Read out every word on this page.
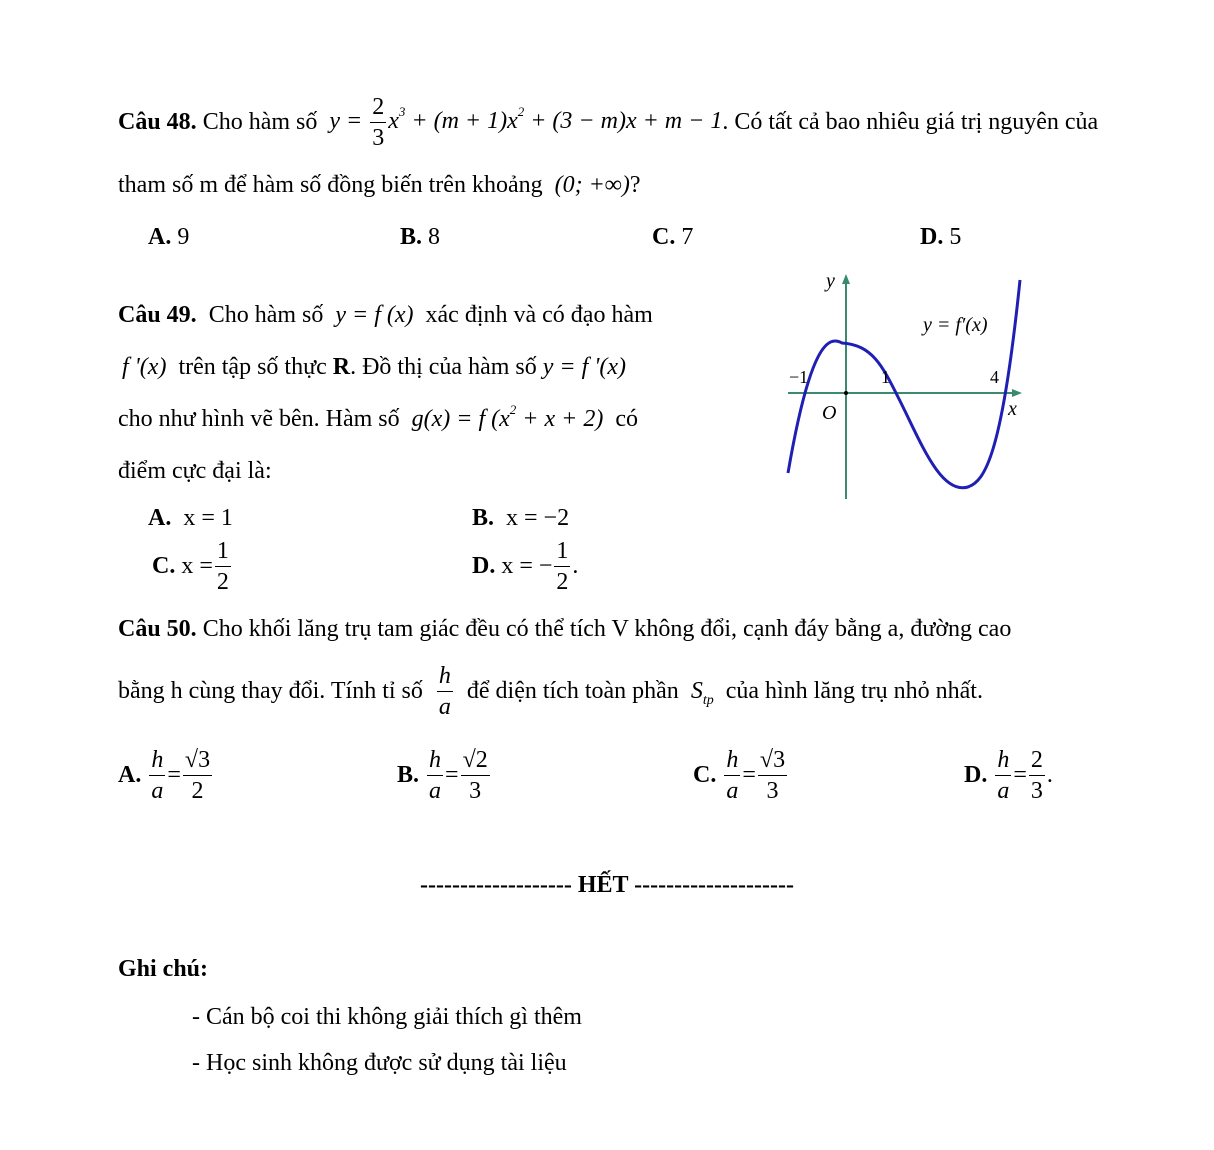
Câu 48.
Cho hàm số
$y = \frac{2}{3} x^3 + (m + 1)x^2 + (3 - m)x + m - 1$ . Có tất cả bao nhiêu giá trị nguyên của
tham số m để hàm số đồng biến trên khoảng (0; +∞)?
A. 9	B. 8	C. 7	D. 5
Câu 49. Cho hàm số y = f (x) xác định và có đạo hàm
f '(x) trên tập số thực R. Đồ thị của hàm số y = f '(x)
cho như hình vẽ bên. Hàm số g(x) = f $(x^2 + x + 2)$ có
điểm cực đại là:
A. x = 1	B. x = −2
C.
$x = \frac{1}{2}$	D.
x = − $\frac{1}{2}$ .
y
x
O
y = f′(x)
−1	1	4
Câu 50. Cho khối lăng trụ tam giác đều có thể tích V không đổi, cạnh đáy bằng a, đường cao
bằng h cùng thay đổi. Tính tỉ số
$\frac{h}{a}$
để diện tích toàn phần
$S_{tp}$
của hình lăng trụ nhỏ nhất.
A.
$\frac{h}{a} = \frac{√3}{2}$	B.
$\frac{h}{a} = \frac{√2}{3}$	C.
$\frac{h}{a} = \frac{√3}{3}$	D.
$\frac{h}{a} = \frac{2}{3}$ .
------------------- HẾT --------------------
Ghi chú:
- Cán bộ coi thi không giải thích gì thêm
- Học sinh không được sử dụng tài liệu
